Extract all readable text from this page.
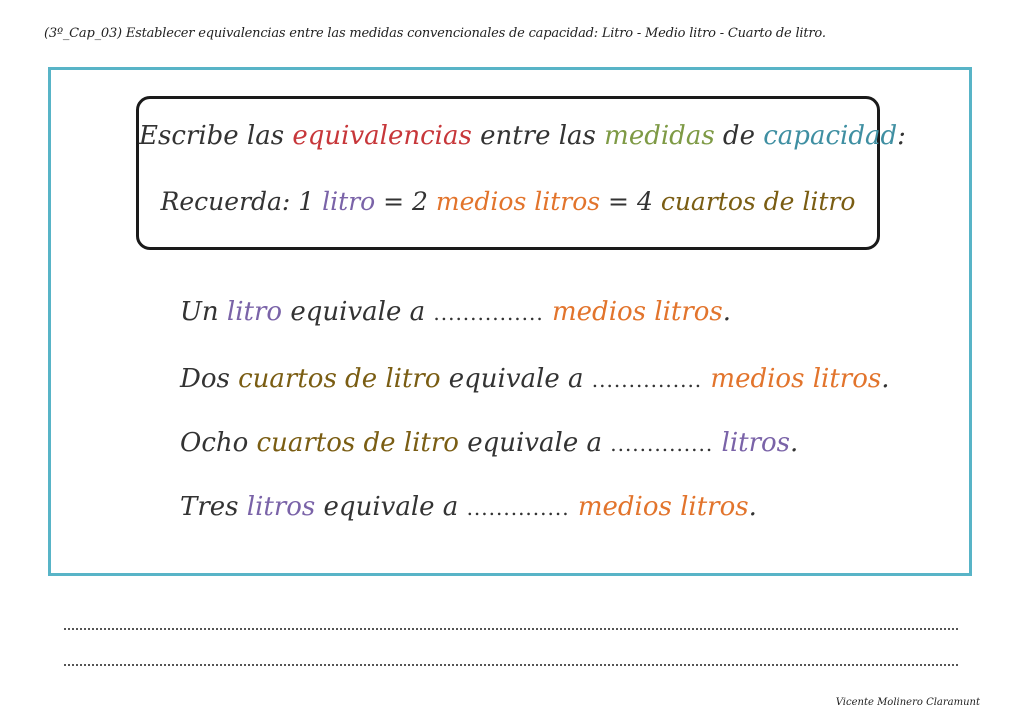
(3º_Cap_03) Establecer equivalencias entre las medidas convencionales de capacidad: Litro - Medio litro - Cuarto de litro.
Escribe las equivalencias entre las medidas de capacidad:
Recuerda: 1 litro = 2 medios litros = 4 cuartos de litro
Un litro equivale a ............... medios litros.
Dos cuartos de litro equivale a ............... medios litros.
Ocho cuartos de litro equivale a .............. litros.
Tres litros equivale a .............. medios litros.
Vicente Molinero Claramunt
